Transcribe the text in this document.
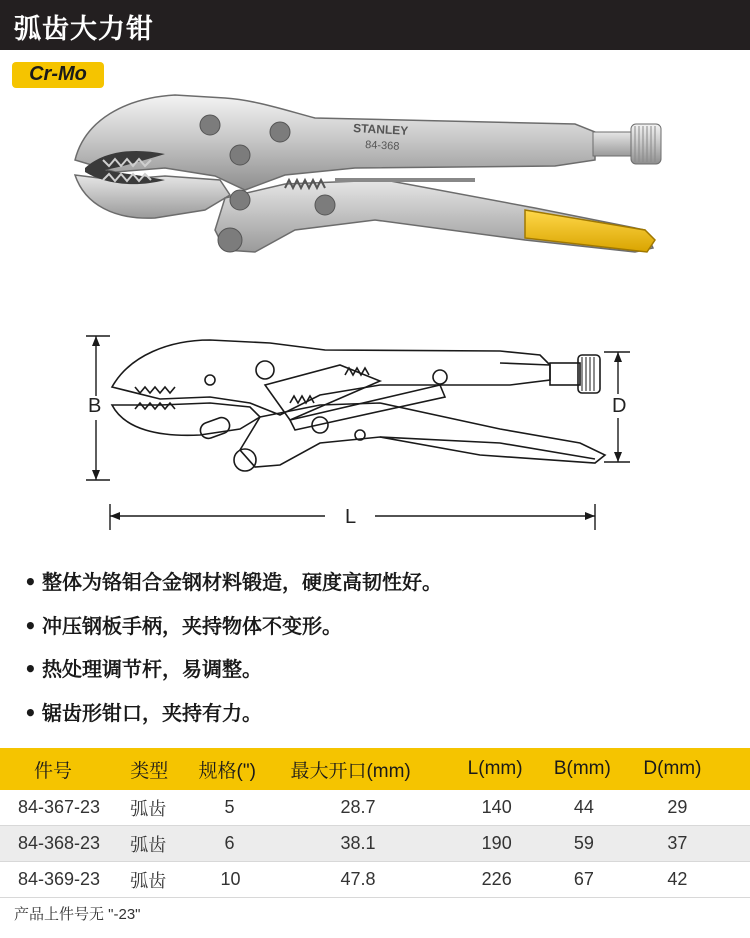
弧齿大力钳
Cr-Mo
STANLEY
84-368
B	D
L
• 整体为铬钼合金钢材料锻造，硬度高韧性好。
• 冲压钢板手柄，夹持物体不变形。
• 热处理调节杆，易调整。
• 锯齿形钳口，夹持有力。
件号	类型	规格(")	最大开口(mm)	L(mm)	B(mm)	D(mm)
84-367-23	弧齿	5	28.7	140	44	29
84-368-23	弧齿	6	38.1	190	59	37
84-369-23	弧齿	10	47.8	226	67	42
产品上件号无 "-23"
